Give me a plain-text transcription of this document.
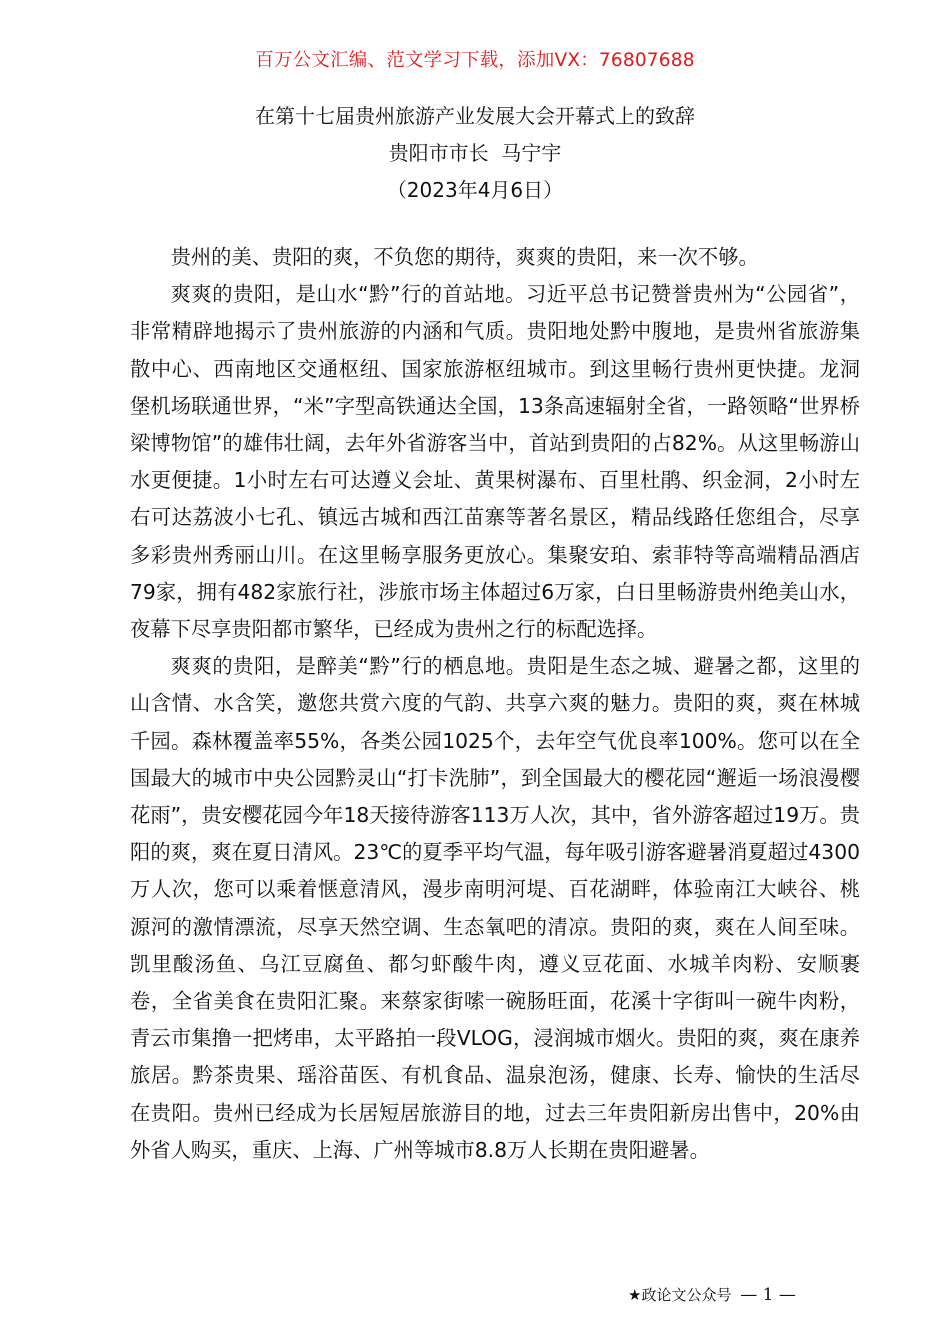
百万公文汇编、范文学习下载，添加VX：76807688
在第十七届贵州旅游产业发展大会开幕式上的致辞
贵阳市市长  马宁宇
（2023年4月6日）

贵州的美、贵阳的爽，不负您的期待，爽爽的贵阳，来一次不够。

爽爽的贵阳，是山水“黔”行的首站地。习近平总书记赞誉贵州为“公园省”，非常精辟地揭示了贵州旅游的内涵和气质。贵阳地处黔中腹地，是贵州省旅游集散中心、西南地区交通枢纽、国家旅游枢纽城市。到这里畅行贵州更快捷。龙洞堡机场联通世界，“米”字型高铁通达全国，13条高速辐射全省，一路领略“世界桥梁博物馆”的雄伟壮阔，去年外省游客当中，首站到贵阳的占82%。从这里畅游山水更便捷。1小时左右可达遵义会址、黄果树瀑布、百里杜鹃、织金洞，2小时左右可达荔波小七孔、镇远古城和西江苗寨等著名景区，精品线路任您组合，尽享多彩贵州秀丽山川。在这里畅享服务更放心。集聚安珀、索菲特等高端精品酒店79家，拥有482家旅行社，涉旅市场主体超过6万家，白日里畅游贵州绝美山水，夜幕下尽享贵阳都市繁华，已经成为贵州之行的标配选择。

爽爽的贵阳，是醉美“黔”行的栖息地。贵阳是生态之城、避暑之都，这里的山含情、水含笑，邀您共赏六度的气韵、共享六爽的魅力。贵阳的爽，爽在林城千园。森林覆盖率55%，各类公园1025个，去年空气优良率100%。您可以在全国最大的城市中央公园黔灵山“打卡洗肺”，到全国最大的樱花园“邂逅一场浪漫樱花雨”，贵安樱花园今年18天接待游客113万人次，其中，省外游客超过19万。贵阳的爽，爽在夏日清风。23℃的夏季平均气温，每年吸引游客避暑消夏超过4300万人次，您可以乘着惬意清风，漫步南明河堤、百花湖畔，体验南江大峡谷、桃源河的激情漂流，尽享天然空调、生态氧吧的清凉。贵阳的爽，爽在人间至味。凯里酸汤鱼、乌江豆腐鱼、都匀虾酸牛肉，遵义豆花面、水城羊肉粉、安顺裹卷，全省美食在贵阳汇聚。来蔡家街嗦一碗肠旺面，花溪十字街叫一碗牛肉粉，青云市集撸一把烤串，太平路拍一段VLOG，浸润城市烟火。贵阳的爽，爽在康养旅居。黔茶贵果、瑶浴苗医、有机食品、温泉泡汤，健康、长寿、愉快的生活尽在贵阳。贵州已经成为长居短居旅游目的地，过去三年贵阳新房出售中，20%由外省人购买，重庆、上海、广州等城市8.8万人长期在贵阳避暑。

★政论文公众号 — 1 —
